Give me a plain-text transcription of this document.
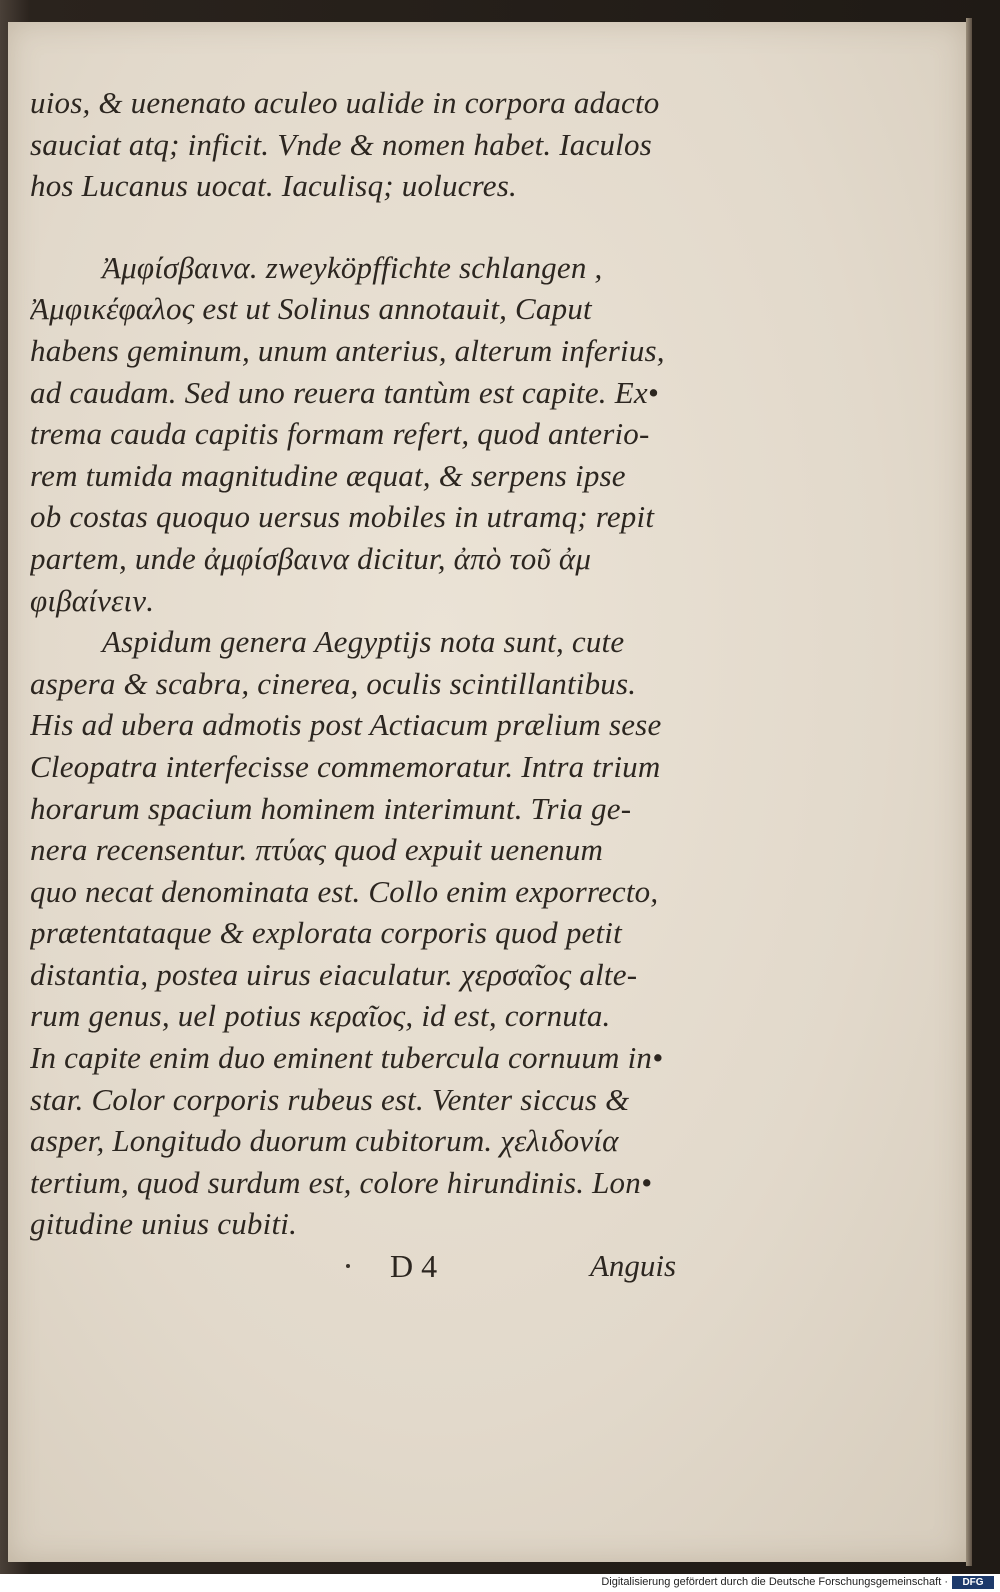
uios, & uenenato aculeo ualide in corpora adacto
sauciat atq; inficit. Vnde & nomen habet. Iaculos
hos Lucanus uocat. Iaculisq; uolucres.
Ἀμφίσβαινα. zweyköpffichte schlangen ,
Ἀμφικέφαλος est ut Solinus annotauit, Caput
habens geminum, unum anterius, alterum inferius,
ad caudam. Sed uno reuera tantùm est capite. Ex•
trema cauda capitis formam refert, quod anterio-
rem tumida magnitudine æquat, & serpens ipse
ob costas quoquo uersus mobiles in utramq; repit
partem, unde ἀμφίσβαινα dicitur, ἀπὸ τοῦ ἀμ
φιβαίνειν.
Aspidum genera Aegyptijs nota sunt, cute
aspera & scabra, cinerea, oculis scintillantibus.
His ad ubera admotis post Actiacum prælium sese
Cleopatra interfecisse commemoratur. Intra trium
horarum spacium hominem interimunt. Tria ge-
nera recensentur. πτύας quod expuit uenenum
quo necat denominata est. Collo enim exporrecto,
prætentataque & explorata corporis quod petit
distantia, postea uirus eiaculatur. χερσαῖος alte-
rum genus, uel potius κεραῖος, id est, cornuta.
In capite enim duo eminent tubercula cornuum in•
star. Color corporis rubeus est. Venter siccus &
asper, Longitudo duorum cubitorum. χελιδονία
tertium, quod surdum est, colore hirundinis. Lon•
gitudine unius cubiti.
D 4	Anguis
Digitalisierung gefördert durch die Deutsche Forschungsgemeinschaft ·	DFG
